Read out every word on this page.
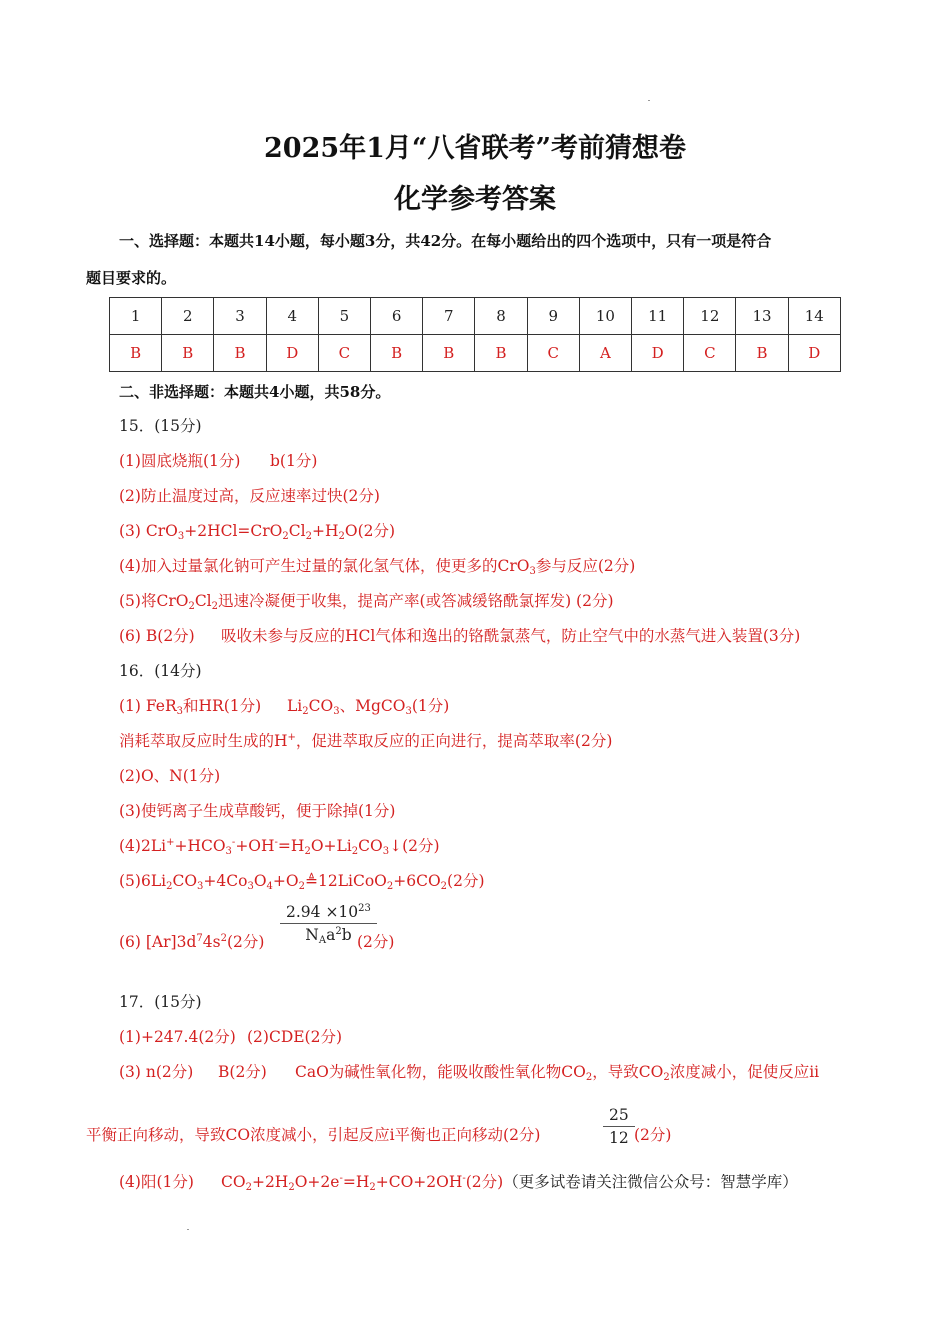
2025年1月“八省联考”考前猜想卷
化学参考答案
一、选择题：本题共14小题，每小题3分，共42分。在每小题给出的四个选项中，只有一项是符合
题目要求的。
1	2	3	4	5	6	7	8	9	10	11	12	13	14
B	B	B	D	C	B	B	B	C	A	D	C	B	D
二、非选择题：本题共4小题，共58分。
15．(15分)
(1)圆底烧瓶(1分) b(1分)
(2)防止温度过高，反应速率过快(2分)
(3) $CrO_3+2HCl=CrO_2Cl_2+H_2O(2$分)
(4)加入过量氯化钠可产生过量的氯化氢气体，使更多的CrO$_3$参与反应(2分)
(5)将$CrO_2Cl_2$迅速冷凝便于收集，提高产率(或答减缓铬酰氯挥发) (2分)
(6) B(2分) 吸收未参与反应的HCl气体和逸出的铬酰氯蒸气，防止空气中的水蒸气进入装置(3分)
16．(14分)
(1) FeR$_3$和HR(1分) $Li_2CO_3$、MgCO$_3$(1分)
消耗萃取反应时生成的H+，促进萃取反应的正向进行，提高萃取率(2分)
(2)O、N(1分)
(3)使钙离子生成草酸钙，便于除掉(1分)
$(4)2Li^++HCO_3^-+OH^-=H_2O+Li_2CO_3↓(2$分)
$(5)6Li_2CO_3+4Co_3O_4+O_2≜12LiCoO_2+6CO_2(2$分)
(6) $[Ar]3d^74s^2(2$分) $\frac{2.94 \times 10^{23}}{N_Aa^2b}$
(2分)
17．(15分)
(1)+247.4(2分) (2)CDE(2分)
(3) n(2分) B(2分) CaO为碱性氧化物，能吸收酸性氧化物$CO_2$，导致$CO_2$浓度减小，促使反应ii
平衡正向移动，导致CO浓度减小，引起反应i平衡也正向移动(2分)	$\frac{25}{12} (2$分)
(4)阳(1分) $CO_2+2H_2O+2e^-=H_2+CO+2OH^-(2$分)（更多试卷请关注微信公众号：智慧学库）
